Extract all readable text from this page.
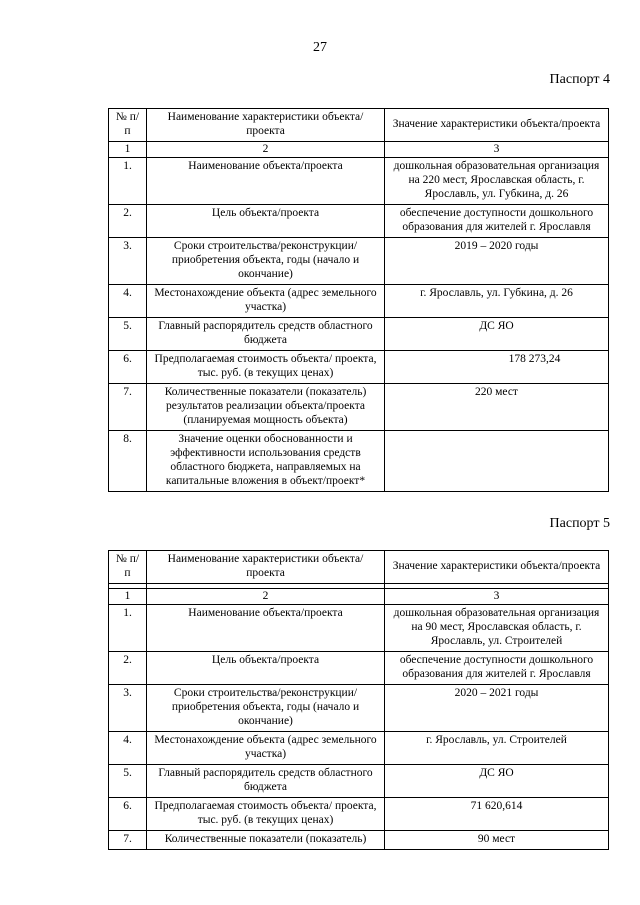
27
Паспорт 4
№ п/п	Наименование характеристики объекта/проекта	Значение характеристики объекта/проекта
1	2	3
1.	Наименование объекта/проекта	дошкольная образовательная организация на 220 мест, Ярославская область, г. Ярославль, ул. Губкина, д. 26
2.	Цель объекта/проекта	обеспечение доступности дошкольного образования для жителей г. Ярославля
3.	Сроки строительства/реконструкции/ приобретения объекта, годы (начало и окончание)	2019 – 2020 годы
4.	Местонахождение объекта (адрес земельного участка)	г. Ярославль, ул. Губкина, д. 26
5.	Главный распорядитель средств областного бюджета	ДС ЯО
6.	Предполагаемая стоимость объекта/ проекта, тыс. руб. (в текущих ценах)	178 273,24
7.	Количественные показатели (показатель) результатов реализации объекта/проекта (планируемая мощность объекта)	220 мест
8.	Значение оценки обоснованности и эффективности использования средств областного бюджета, направляемых на капитальные вложения в объект/проект*	
Паспорт 5
№ п/п	Наименование характеристики объекта/проекта	Значение характеристики объекта/проекта

1	2	3
1.	Наименование объекта/проекта	дошкольная образовательная организация на 90 мест, Ярославская область, г. Ярославль, ул. Строителей
2.	Цель объекта/проекта	обеспечение доступности дошкольного образования для жителей г. Ярославля
3.	Сроки строительства/реконструкции/ приобретения объекта, годы (начало и окончание)	2020 – 2021 годы
4.	Местонахождение объекта (адрес земельного участка)	г. Ярославль, ул. Строителей
5.	Главный распорядитель средств областного бюджета	ДС ЯО
6.	Предполагаемая стоимость объекта/ проекта, тыс. руб. (в текущих ценах)	71 620,614
7.	Количественные показатели (показатель)	90 мест
